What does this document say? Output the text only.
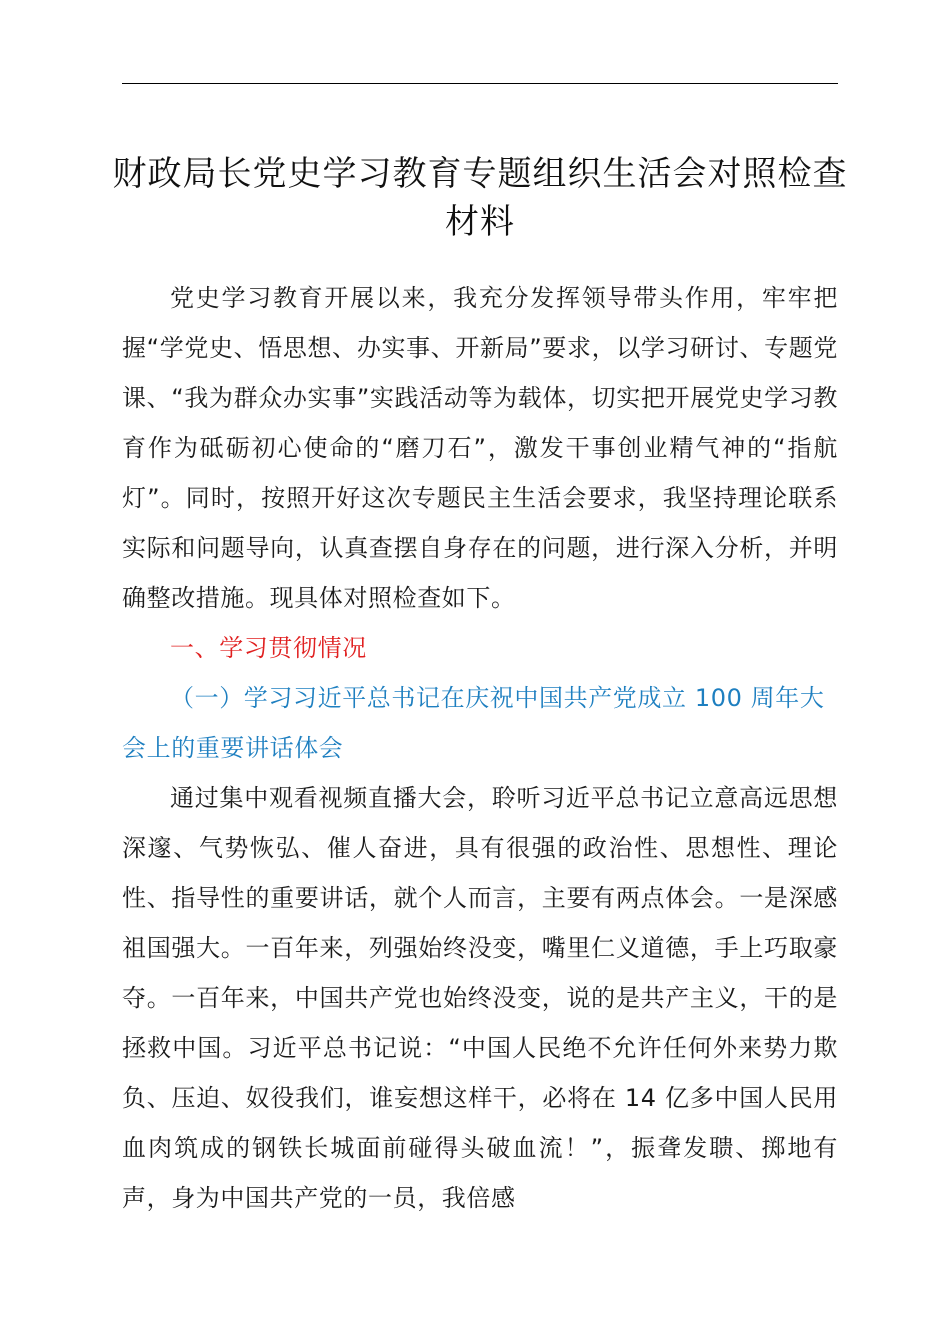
财政局长党史学习教育专题组织生活会对照检查材料

党史学习教育开展以来，我充分发挥领导带头作用，牢牢把握“学党史、悟思想、办实事、开新局”要求，以学习研讨、专题党课、“我为群众办实事”实践活动等为载体，切实把开展党史学习教育作为砥砺初心使命的“磨刀石”，激发干事创业精气神的“指航灯”。同时，按照开好这次专题民主生活会要求，我坚持理论联系实际和问题导向，认真查摆自身存在的问题，进行深入分析，并明确整改措施。现具体对照检查如下。

一、学习贯彻情况

（一）学习习近平总书记在庆祝中国共产党成立 100 周年大会上的重要讲话体会

通过集中观看视频直播大会，聆听习近平总书记立意高远思想深邃、气势恢弘、催人奋进，具有很强的政治性、思想性、理论性、指导性的重要讲话，就个人而言，主要有两点体会。一是深感祖国强大。一百年来，列强始终没变，嘴里仁义道德，手上巧取豪夺。一百年来，中国共产党也始终没变，说的是共产主义，干的是拯救中国。习近平总书记说：“中国人民绝不允许任何外来势力欺负、压迫、奴役我们，谁妄想这样干，必将在 14 亿多中国人民用血肉筑成的钢铁长城面前碰得头破血流！”，振聋发聩、掷地有声，身为中国共产党的一员，我倍感
